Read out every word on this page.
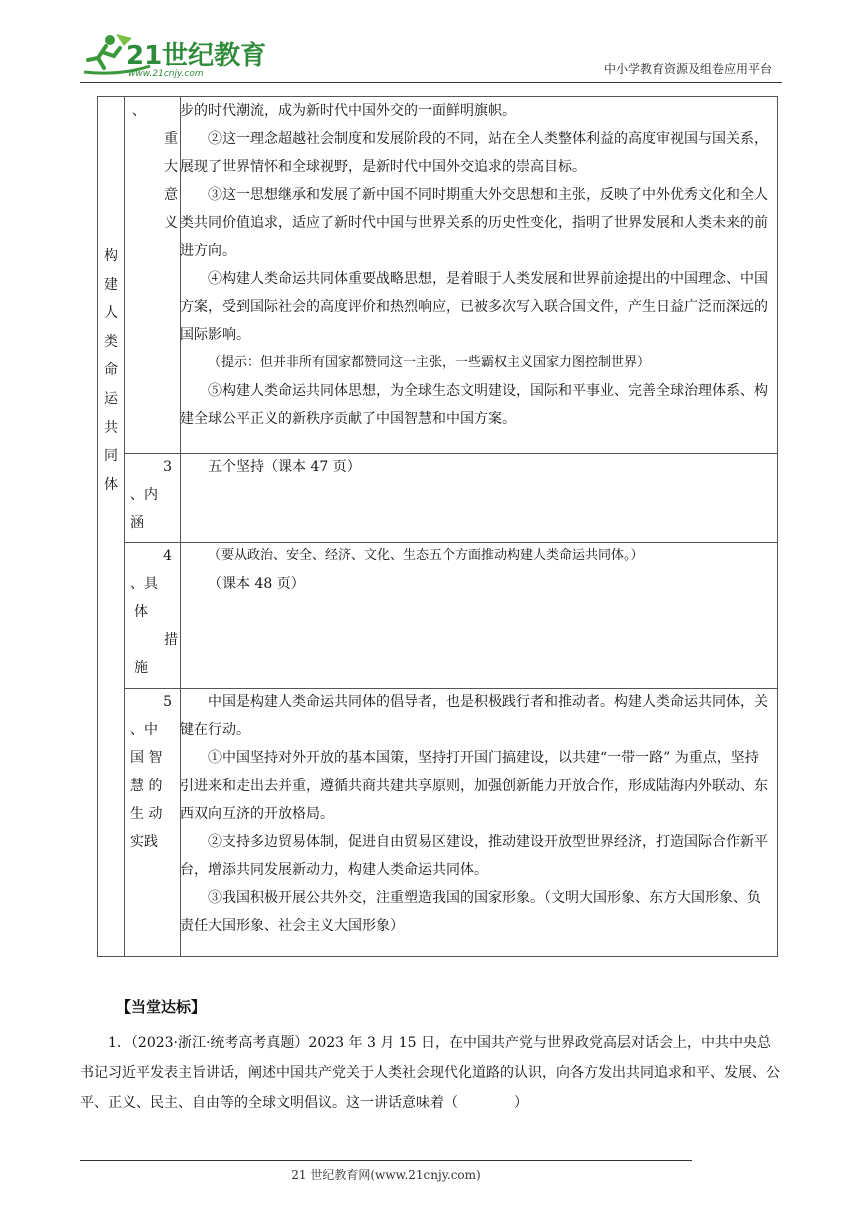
21世纪教育
www.21cnjy.com	中小学教育资源及组卷应用平台
构
建
人
类
命
运
共
同
体
、
重
大
意
义

步的时代潮流，成为新时代中国外交的一面鲜明旗帜。

②这一理念超越社会制度和发展阶段的不同，站在全人类整体利益的高度审视国与国关系，展现了世界情怀和全球视野，是新时代中国外交追求的崇高目标。

③这一思想继承和发展了新中国不同时期重大外交思想和主张，反映了中外优秀文化和全人类共同价值追求，适应了新时代中国与世界关系的历史性变化，指明了世界发展和人类未来的前进方向。

④构建人类命运共同体重要战略思想，是着眼于人类发展和世界前途提出的中国理念、中国方案，受到国际社会的高度评价和热烈响应，已被多次写入联合国文件，产生日益广泛而深远的国际影响。

（提示：但并非所有国家都赞同这一主张，一些霸权主义国家力图控制世界）

⑤构建人类命运共同体思想，为全球生态文明建设，国际和平事业、完善全球治理体系、构建全球公平正义的新秩序贡献了中国智慧和中国方案。

3
、内
涵

五个坚持（课本 47 页）

4
、具
体
措
施

（要从政治、安全、经济、文化、生态五个方面推动构建人类命运共同体。）

（课本 48 页）

5
、中
国 智
慧 的
生 动
实践

中国是构建人类命运共同体的倡导者，也是积极践行者和推动者。构建人类命运共同体，关键在行动。

①中国坚持对外开放的基本国策，坚持打开国门搞建设，以共建“一带一路” 为重点，坚持引进来和走出去并重，遵循共商共建共享原则，加强创新能力开放合作，形成陆海内外联动、东西双向互济的开放格局。

②支持多边贸易体制，促进自由贸易区建设，推动建设开放型世界经济，打造国际合作新平台，增添共同发展新动力，构建人类命运共同体。

③我国积极开展公共外交，注重塑造我国的国家形象。（文明大国形象、东方大国形象、负责任大国形象、社会主义大国形象）

【当堂达标】

1．（2023·浙江·统考高考真题）2023 年 3 月 15 日，在中国共产党与世界政党高层对话会上，中共中央总书记习近平发表主旨讲话，阐述中国共产党关于人类社会现代化道路的认识，向各方发出共同追求和平、发展、公平、正义、民主、自由等的全球文明倡议。这一讲话意味着（　　　　）

21 世纪教育网(www.21cnjy.com)
